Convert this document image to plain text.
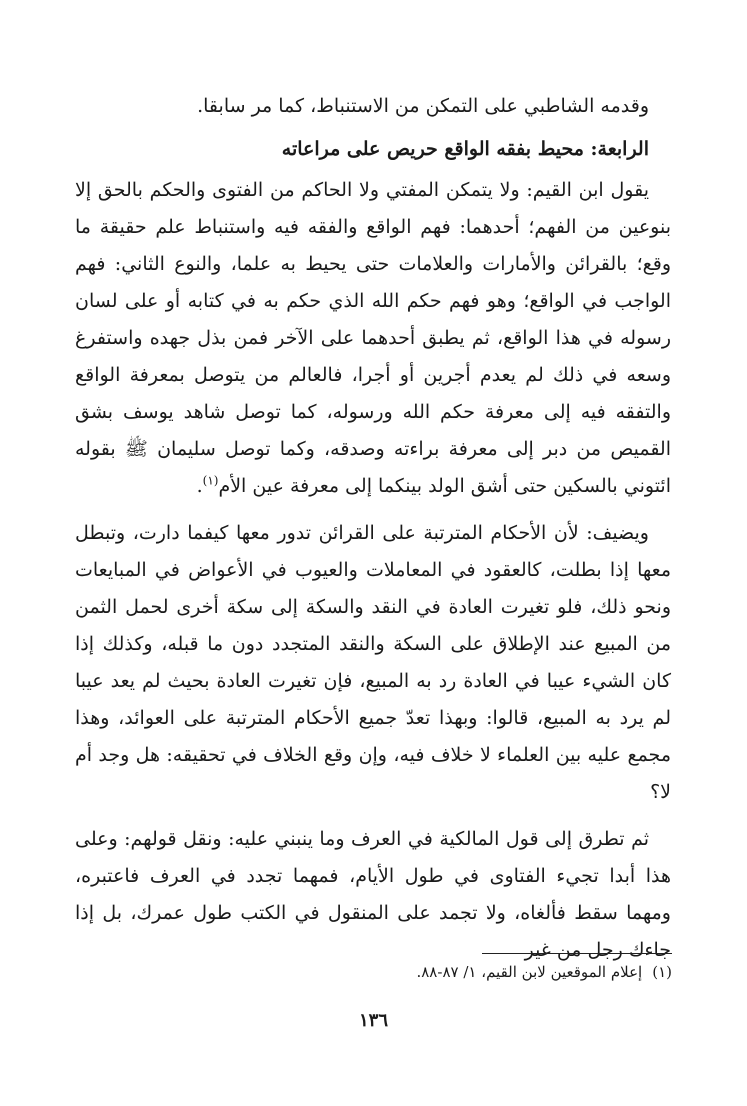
وقدمه الشاطبي على التمكن من الاستنباط، كما مر سابقا.

الرابعة: محيط بفقه الواقع حريص على مراعاته

يقول ابن القيم: ولا يتمكن المفتي ولا الحاكم من الفتوى والحكم بالحق إلا بنوعين من الفهم؛ أحدهما: فهم الواقع والفقه فيه واستنباط علم حقيقة ما وقع؛ بالقرائن والأمارات والعلامات حتى يحيط به علما، والنوع الثاني: فهم الواجب في الواقع؛ وهو فهم حكم الله الذي حكم به في كتابه أو على لسان رسوله في هذا الواقع، ثم يطبق أحدهما على الآخر فمن بذل جهده واستفرغ وسعه في ذلك لم يعدم أجرين أو أجرا، فالعالم من يتوصل بمعرفة الواقع والتفقه فيه إلى معرفة حكم الله ورسوله، كما توصل شاهد يوسف بشق القميص من دبر إلى معرفة براءته وصدقه، وكما توصل سليمان ﷺ بقوله ائتوني بالسكين حتى أشق الولد بينكما إلى معرفة عين الأم$^{(١)}$.

ويضيف: لأن الأحكام المترتبة على القرائن تدور معها كيفما دارت، وتبطل معها إذا بطلت، كالعقود في المعاملات والعيوب في الأعواض في المبايعات ونحو ذلك، فلو تغيرت العادة في النقد والسكة إلى سكة أخرى لحمل الثمن من المبيع عند الإطلاق على السكة والنقد المتجدد دون ما قبله، وكذلك إذا كان الشيء عيبا في العادة رد به المبيع، فإن تغيرت العادة بحيث لم يعد عيبا لم يرد به المبيع، قالوا: وبهذا تعدّ جميع الأحكام المترتبة على العوائد، وهذا مجمع عليه بين العلماء لا خلاف فيه، وإن وقع الخلاف في تحقيقه: هل وجد أم لا؟

ثم تطرق إلى قول المالكية في العرف وما ينبني عليه: ونقل قولهم: وعلى هذا أبدا تجيء الفتاوى في طول الأيام، فمهما تجدد في العرف فاعتبره، ومهما سقط فألغاه، ولا تجمد على المنقول في الكتب طول عمرك، بل إذا جاءك رجل من غير

(١)إعلام الموقعين لابن القيم، ١/ ٨٧-٨٨.
١٣٦
